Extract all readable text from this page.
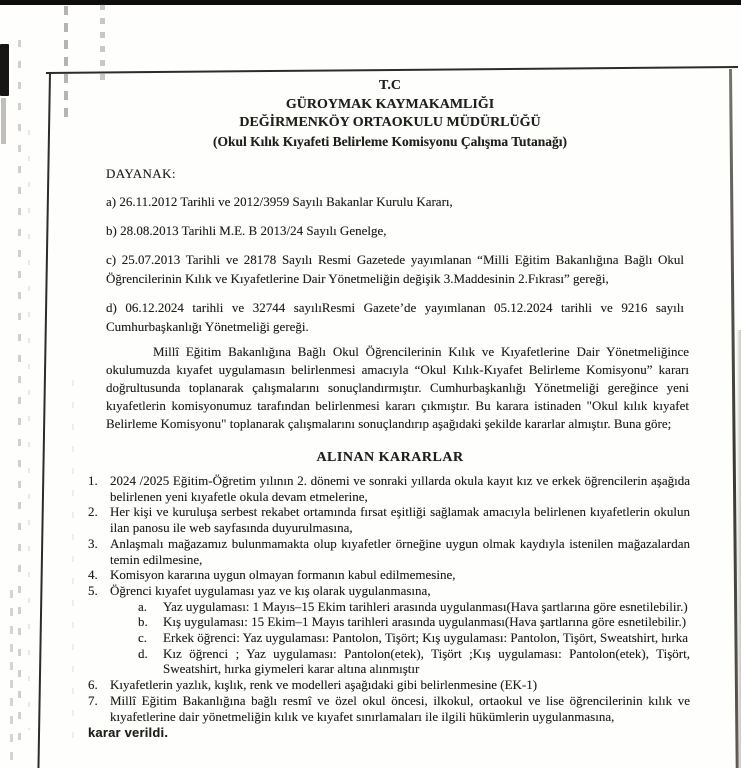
T.C
GÜROYMAK KAYMAKAMLIĞI
DEĞİRMENKÖY ORTAOKULU MÜDÜRLÜĞÜ
(Okul Kılık Kıyafeti Belirleme Komisyonu Çalışma Tutanağı)
DAYANAK:

a) 26.11.2012 Tarihli ve 2012/3959 Sayılı Bakanlar Kurulu Kararı,

b) 28.08.2013 Tarihli M.E. B 2013/24 Sayılı Genelge,

c) 25.07.2013 Tarihli ve 28178 Sayılı Resmi Gazetede yayımlanan “Milli Eğitim Bakanlığına Bağlı Okul Öğrencilerinin Kılık ve Kıyafetlerine Dair Yönetmeliğin değişik 3.Maddesinin 2.Fıkrası” gereği,

d) 06.12.2024 tarihli ve 32744 sayılıResmi Gazete’de yayımlanan 05.12.2024 tarihli ve 9216 sayılı Cumhurbaşkanlığı Yönetmeliği gereği.

Millî Eğitim Bakanlığına Bağlı Okul Öğrencilerinin Kılık ve Kıyafetlerine Dair Yönetmeliğince okulumuzda kıyafet uygulamasın belirlenmesi amacıyla “Okul Kılık-Kıyafet Belirleme Komisyonu” kararı doğrultusunda toplanarak çalışmalarını sonuçlandırmıştır. Cumhurbaşkanlığı Yönetmeliği gereğince yeni kıyafetlerin komisyonumuz tarafından belirlenmesi kararı çıkmıştır. Bu karara istinaden "Okul kılık kıyafet Belirleme Komisyonu" toplanarak çalışmalarını sonuçlandırıp aşağıdaki şekilde kararlar almıştır. Buna göre;

ALINAN KARARLAR
1. 2024 /2025 Eğitim-Öğretim yılının 2. dönemi ve sonraki yıllarda okula kayıt kız ve erkek öğrencilerin aşağıda belirlenen yeni kıyafetle okula devam etmelerine,
2. Her kişi ve kuruluşa serbest rekabet ortamında fırsat eşitliği sağlamak amacıyla belirlenen kıyafetlerin okulun ilan panosu ile web sayfasında duyurulmasına,
3. Anlaşmalı mağazamız bulunmamakta olup kıyafetler örneğine uygun olmak kaydıyla istenilen mağazalardan temin edilmesine,
4. Komisyon kararına uygun olmayan formanın kabul edilmemesine,
5. Öğrenci kıyafet uygulaması yaz ve kış olarak uygulanmasına,
a.	Yaz uygulaması: 1 Mayıs–15 Ekim tarihleri arasında uygulanması(Hava şartlarına göre esnetilebilir.)
b.	Kış uygulaması: 15 Ekim–1 Mayıs tarihleri arasında uygulanması(Hava şartlarına göre esnetilebilir.)
c.	Erkek öğrenci: Yaz uygulaması: Pantolon, Tişört; Kış uygulaması: Pantolon, Tişört, Sweatshirt, hırka
d.	Kız öğrenci ; Yaz uygulaması: Pantolon(etek), Tişört ;Kış uygulaması: Pantolon(etek), Tişört, Sweatshirt, hırka giymeleri karar altına alınmıştır
6. Kıyafetlerin yazlık, kışlık, renk ve modelleri aşağıdaki gibi belirlenmesine (EK-1)
7. Millî Eğitim Bakanlığına bağlı resmî ve özel okul öncesi, ilkokul, ortaokul ve lise öğrencilerinin kılık ve kıyafetlerine dair yönetmeliğin kılık ve kıyafet sınırlamaları ile ilgili hükümlerin uygulanmasına,
karar verildi.
